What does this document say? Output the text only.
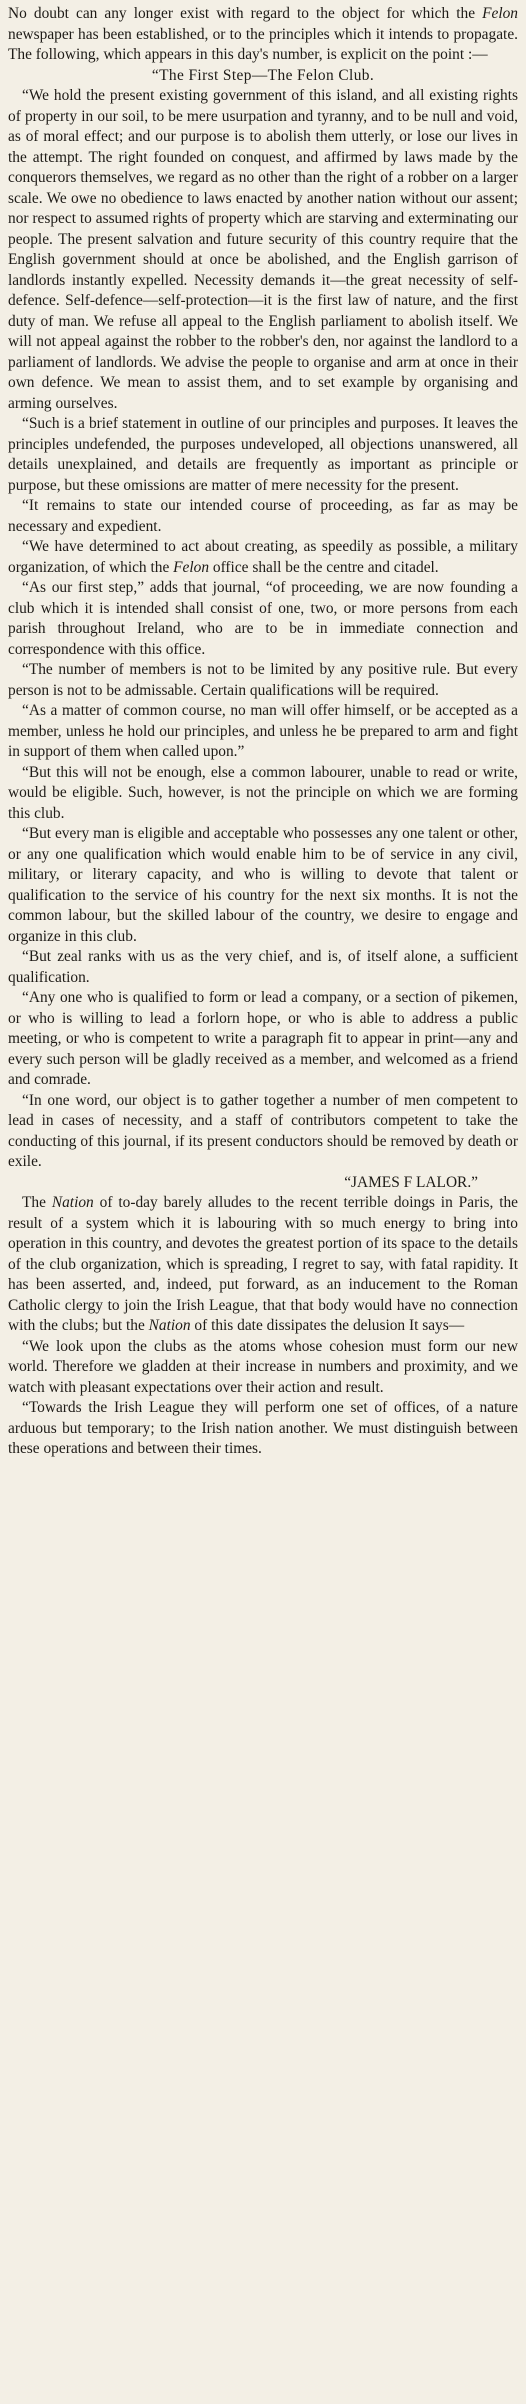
No doubt can any longer exist with regard to the object for which the Felon newspaper has been established, or to the principles which it intends to propagate. The following, which appears in this day's number, is explicit on the point :—

“The First Step—The Felon Club.

“We hold the present existing government of this island, and all existing rights of property in our soil, to be mere usurpation and tyranny, and to be null and void, as of moral effect; and our purpose is to abolish them utterly, or lose our lives in the attempt. The right founded on conquest, and affirmed by laws made by the conquerors themselves, we regard as no other than the right of a robber on a larger scale. We owe no obedience to laws enacted by another nation without our assent; nor respect to assumed rights of property which are starving and exterminating our people. The present salvation and future security of this country require that the English government should at once be abolished, and the English garrison of landlords instantly expelled. Necessity demands it—the great necessity of self-defence. Self-defence—self-protection—it is the first law of nature, and the first duty of man. We refuse all appeal to the English parliament to abolish itself. We will not appeal against the robber to the robber's den, nor against the landlord to a parliament of landlords. We advise the people to organise and arm at once in their own defence. We mean to assist them, and to set example by organising and arming ourselves.

“Such is a brief statement in outline of our principles and purposes. It leaves the principles undefended, the purposes undeveloped, all objections unanswered, all details unexplained, and details are frequently as important as principle or purpose, but these omissions are matter of mere necessity for the present.

“It remains to state our intended course of proceeding, as far as may be necessary and expedient.

“We have determined to act about creating, as speedily as possible, a military organization, of which the Felon office shall be the centre and citadel.

“As our first step,” adds that journal, “of proceeding, we are now founding a club which it is intended shall consist of one, two, or more persons from each parish throughout Ireland, who are to be in immediate connection and correspondence with this office.

“The number of members is not to be limited by any positive rule. But every person is not to be admissable. Certain qualifications will be required.

“As a matter of common course, no man will offer himself, or be accepted as a member, unless he hold our principles, and unless he be prepared to arm and fight in support of them when called upon.”

“But this will not be enough, else a common labourer, unable to read or write, would be eligible. Such, however, is not the principle on which we are forming this club.

“But every man is eligible and acceptable who possesses any one talent or other, or any one qualification which would enable him to be of service in any civil, military, or literary capacity, and who is willing to devote that talent or qualification to the service of his country for the next six months. It is not the common labour, but the skilled labour of the country, we desire to engage and organize in this club.

“But zeal ranks with us as the very chief, and is, of itself alone, a sufficient qualification.

“Any one who is qualified to form or lead a company, or a section of pikemen, or who is willing to lead a forlorn hope, or who is able to address a public meeting, or who is competent to write a paragraph fit to appear in print—any and every such person will be gladly received as a member, and welcomed as a friend and comrade.

“In one word, our object is to gather together a number of men competent to lead in cases of necessity, and a staff of contributors competent to take the conducting of this journal, if its present conductors should be removed by death or exile.

“JAMES F LALOR.”

The Nation of to-day barely alludes to the recent terrible doings in Paris, the result of a system which it is labouring with so much energy to bring into operation in this country, and devotes the greatest portion of its space to the details of the club organization, which is spreading, I regret to say, with fatal rapidity. It has been asserted, and, indeed, put forward, as an inducement to the Roman Catholic clergy to join the Irish League, that that body would have no connection with the clubs; but the Nation of this date dissipates the delusion It says—

“We look upon the clubs as the atoms whose cohesion must form our new world. Therefore we gladden at their increase in numbers and proximity, and we watch with pleasant expectations over their action and result.

“Towards the Irish League they will perform one set of offices, of a nature arduous but temporary; to the Irish nation another. We must distinguish between these operations and between their times.
